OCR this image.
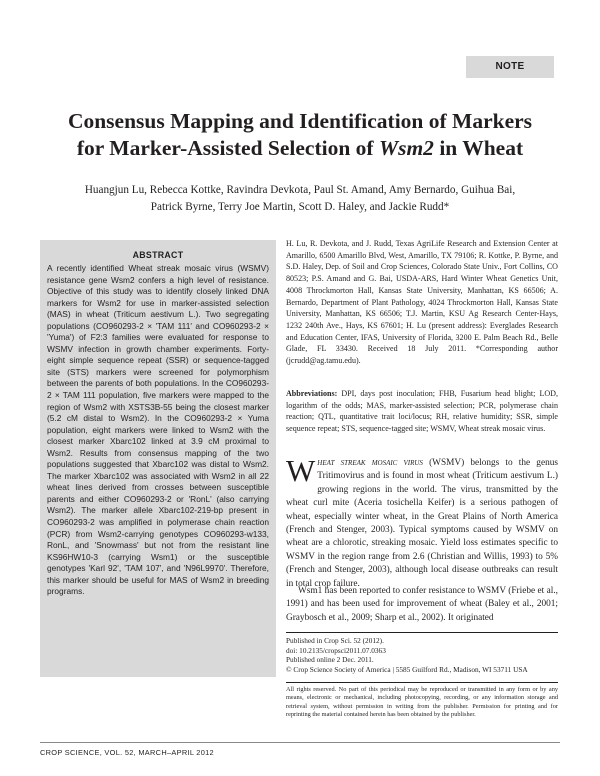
NOTE
Consensus Mapping and Identification of Markers
for Marker-Assisted Selection of Wsm2 in Wheat

Huangjun Lu, Rebecca Kottke, Ravindra Devkota, Paul St. Amand, Amy Bernardo, Guihua Bai,
Patrick Byrne, Terry Joe Martin, Scott D. Haley, and Jackie Rudd*

ABSTRACT

A recently identified Wheat streak mosaic virus (WSMV) resistance gene Wsm2 confers a high level of resistance. Objective of this study was to identify closely linked DNA markers for Wsm2 for use in marker-assisted selection (MAS) in wheat (Triticum aestivum L.). Two segregating populations (CO960293-2 × 'TAM 111' and CO960293-2 × 'Yuma') of F2:3 families were evaluated for response to WSMV infection in growth chamber experiments. Forty-eight simple sequence repeat (SSR) or sequence-tagged site (STS) markers were screened for polymorphism between the parents of both populations. In the CO960293-2 × TAM 111 population, five markers were mapped to the region of Wsm2 with XSTS3B-55 being the closest marker (5.2 cM distal to Wsm2). In the CO960293-2 × Yuma population, eight markers were linked to Wsm2 with the closest marker Xbarc102 linked at 3.9 cM proximal to Wsm2. Results from consensus mapping of the two populations suggested that Xbarc102 was distal to Wsm2. The marker Xbarc102 was associated with Wsm2 in all 22 wheat lines derived from crosses between susceptible parents and either CO960293-2 or 'RonL' (also carrying Wsm2). The marker allele Xbarc102-219-bp present in CO960293-2 was amplified in polymerase chain reaction (PCR) from Wsm2-carrying genotypes CO960293-w133, RonL, and 'Snowmass' but not from the resistant line KS96HW10-3 (carrying Wsm1) or the susceptible genotypes 'Karl 92', 'TAM 107', and 'N96L9970'. Therefore, this marker should be useful for MAS of Wsm2 in breeding programs.

H. Lu, R. Devkota, and J. Rudd, Texas AgriLife Research and Extension Center at Amarillo, 6500 Amarillo Blvd, West, Amarillo, TX 79106; R. Kottke, P. Byrne, and S.D. Haley, Dep. of Soil and Crop Sciences, Colorado State Univ., Fort Collins, CO 80523; P.S. Amand and G. Bai, USDA-ARS, Hard Winter Wheat Genetics Unit, 4008 Throckmorton Hall, Kansas State University, Manhattan, KS 66506; A. Bernardo, Department of Plant Pathology, 4024 Throckmorton Hall, Kansas State University, Manhattan, KS 66506; T.J. Martin, KSU Ag Research Center-Hays, 1232 240th Ave., Hays, KS 67601; H. Lu (present address): Everglades Research and Education Center, IFAS, University of Florida, 3200 E. Palm Beach Rd., Belle Glade, FL 33430. Received 18 July 2011. *Corresponding author (jcrudd@ag.tamu.edu).

Abbreviations: DPI, days post inoculation; FHB, Fusarium head blight; LOD, logarithm of the odds; MAS, marker-assisted selection; PCR, polymerase chain reaction; QTL, quantitative trait loci/locus; RH, relative humidity; SSR, simple sequence repeat; STS, sequence-tagged site; WSMV, Wheat streak mosaic virus.

Wheat streak mosaic virus (WSMV) belongs to the genus Tritimovirus and is found in most wheat (Triticum aestivum L.) growing regions in the world. The virus, transmitted by the wheat curl mite (Aceria tosichella Keifer) is a serious pathogen of wheat, especially winter wheat, in the Great Plains of North America (French and Stenger, 2003). Typical symptoms caused by WSMV on wheat are a chlorotic, streaking mosaic. Yield loss estimates specific to WSMV in the region range from 2.6 (Christian and Willis, 1993) to 5% (French and Stenger, 2003), although local disease outbreaks can result in total crop failure.

Wsm1 has been reported to confer resistance to WSMV (Friebe et al., 1991) and has been used for improvement of wheat (Baley et al., 2001; Graybosch et al., 2009; Sharp et al., 2002). It originated

Published in Crop Sci. 52 (2012).
doi: 10.2135/cropsci2011.07.0363
Published online 2 Dec. 2011.
© Crop Science Society of America | 5585 Guilford Rd., Madison, WI 53711 USA

All rights reserved. No part of this periodical may be reproduced or transmitted in any form or by any means, electronic or mechanical, including photocopying, recording, or any information storage and retrieval system, without permission in writing from the publisher. Permission for printing and for reprinting the material contained herein has been obtained by the publisher.

CROP SCIENCE, VOL. 52, MARCH–APRIL 2012
